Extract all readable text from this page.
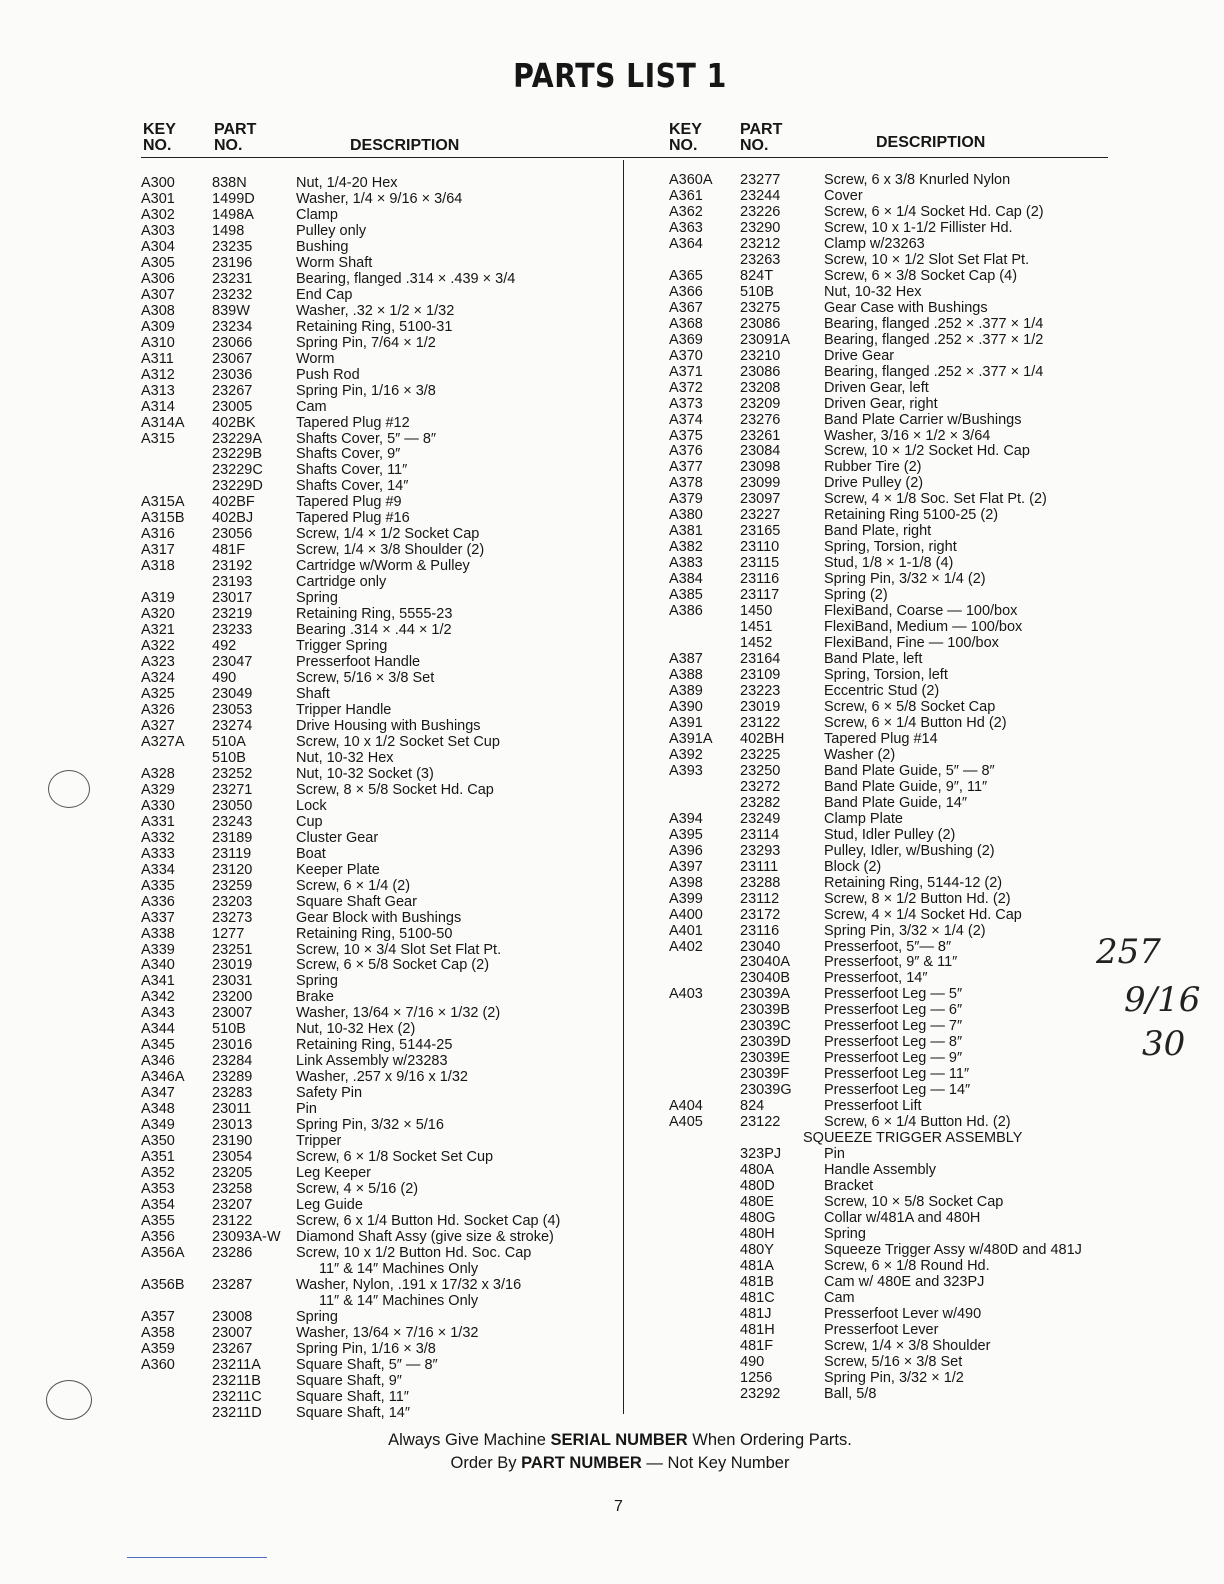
PARTS LIST 1
KEY
NO.
PART
NO.	DESCRIPTION
A300	838N	Nut, 1/4-20 Hex
A301	1499D	Washer, 1/4 × 9/16 × 3/64
A302	1498A	Clamp
A303	1498	Pulley only
A304	23235	Bushing
A305	23196	Worm Shaft
A306	23231	Bearing, flanged .314 × .439 × 3/4
A307	23232	End Cap
A308	839W	Washer, .32 × 1/2 × 1/32
A309	23234	Retaining Ring, 5100-31
A310	23066	Spring Pin, 7/64 × 1/2
A311	23067	Worm
A312	23036	Push Rod
A313	23267	Spring Pin, 1/16 × 3/8
A314	23005	Cam
A314A 402BK	Tapered Plug #12
A315	23229A Shafts Cover, 5″ — 8″
23229B Shafts Cover, 9″
23229C Shafts Cover, 11″
23229D Shafts Cover, 14″
A315A 402BF	Tapered Plug #9
A315B 402BJ	Tapered Plug #16
A316	23056	Screw, 1/4 × 1/2 Socket Cap
A317	481F	Screw, 1/4 × 3/8 Shoulder (2)
A318	23192	Cartridge w/Worm & Pulley
23193	Cartridge only
A319	23017	Spring
A320	23219	Retaining Ring, 5555-23
A321	23233	Bearing .314 × .44 × 1/2
A322	492	Trigger Spring
A323	23047	Presserfoot Handle
A324	490	Screw, 5/16 × 3/8 Set
A325	23049	Shaft
A326	23053	Tripper Handle
A327	23274	Drive Housing with Bushings
A327A 510A	Screw, 10 x 1/2 Socket Set Cup
510B	Nut, 10-32 Hex
A328	23252	Nut, 10-32 Socket (3)
A329	23271	Screw, 8 × 5/8 Socket Hd. Cap
A330	23050	Lock
A331	23243	Cup
A332	23189	Cluster Gear
A333	23119	Boat
A334	23120	Keeper Plate
A335	23259	Screw, 6 × 1/4 (2)
A336	23203	Square Shaft Gear
A337	23273	Gear Block with Bushings
A338	1277	Retaining Ring, 5100-50
A339	23251	Screw, 10 × 3/4 Slot Set Flat Pt.
A340	23019	Screw, 6 × 5/8 Socket Cap (2)
A341	23031	Spring
A342	23200	Brake
A343	23007	Washer, 13/64 × 7/16 × 1/32 (2)
A344	510B	Nut, 10-32 Hex (2)
A345	23016	Retaining Ring, 5144-25
A346	23284	Link Assembly w/23283
A346A 23289	Washer, .257 x 9/16 x 1/32
A347	23283	Safety Pin
A348	23011	Pin
A349	23013	Spring Pin, 3/32 × 5/16
A350	23190	Tripper
A351	23054	Screw, 6 × 1/8 Socket Set Cup
A352	23205	Leg Keeper
A353	23258	Screw, 4 × 5/16 (2)
A354	23207	Leg Guide
A355	23122	Screw, 6 x 1/4 Button Hd. Socket Cap (4)
A356	23093A-W Diamond Shaft Assy (give size & stroke)
A356A 23286	Screw, 10 x 1/2 Button Hd. Soc. Cap
11″ & 14″ Machines Only
A356B 23287	Washer, Nylon, .191 x 17/32 x 3/16
11″ & 14″ Machines Only
A357	23008	Spring
A358	23007	Washer, 13/64 × 7/16 × 1/32
A359	23267	Spring Pin, 1/16 × 3/8
A360	23211A Square Shaft, 5″ — 8″
23211B Square Shaft, 9″
23211C Square Shaft, 11″
23211D Square Shaft, 14″
KEY
NO.
PART
NO.	DESCRIPTION
A360A 23277	Screw, 6 x 3/8 Knurled Nylon
A361	23244	Cover
A362	23226	Screw, 6 × 1/4 Socket Hd. Cap (2)
A363	23290	Screw, 10 x 1-1/2 Fillister Hd.
A364	23212	Clamp w/23263
23263	Screw, 10 × 1/2 Slot Set Flat Pt.
A365	824T	Screw, 6 × 3/8 Socket Cap (4)
A366	510B	Nut, 10-32 Hex
A367	23275	Gear Case with Bushings
A368	23086	Bearing, flanged .252 × .377 × 1/4
A369	23091A Bearing, flanged .252 × .377 × 1/2
A370	23210	Drive Gear
A371	23086	Bearing, flanged .252 × .377 × 1/4
A372	23208	Driven Gear, left
A373	23209	Driven Gear, right
A374	23276	Band Plate Carrier w/Bushings
A375	23261	Washer, 3/16 × 1/2 × 3/64
A376	23084	Screw, 10 × 1/2 Socket Hd. Cap
A377	23098	Rubber Tire (2)
A378	23099	Drive Pulley (2)
A379	23097	Screw, 4 × 1/8 Soc. Set Flat Pt. (2)
A380	23227	Retaining Ring 5100-25 (2)
A381	23165	Band Plate, right
A382	23110	Spring, Torsion, right
A383	23115	Stud, 1/8 × 1-1/8 (4)
A384	23116	Spring Pin, 3/32 × 1/4 (2)
A385	23117	Spring (2)
A386	1450	FlexiBand, Coarse — 100/box
1451	FlexiBand, Medium — 100/box
1452	FlexiBand, Fine — 100/box
A387	23164	Band Plate, left
A388	23109	Spring, Torsion, left
A389	23223	Eccentric Stud (2)
A390	23019	Screw, 6 × 5/8 Socket Cap
A391	23122	Screw, 6 × 1/4 Button Hd (2)
A391A 402BH	Tapered Plug #14
A392	23225	Washer (2)
A393	23250	Band Plate Guide, 5″ — 8″
23272	Band Plate Guide, 9″, 11″
23282	Band Plate Guide, 14″
A394	23249	Clamp Plate
A395	23114	Stud, Idler Pulley (2)
A396	23293	Pulley, Idler, w/Bushing (2)
A397	23111	Block (2)
A398	23288	Retaining Ring, 5144-12 (2)
A399	23112	Screw, 8 × 1/2 Button Hd. (2)
A400	23172	Screw, 4 × 1/4 Socket Hd. Cap
A401	23116	Spring Pin, 3/32 × 1/4 (2)
A402	23040	Presserfoot, 5″— 8″
23040A Presserfoot, 9″ & 11″
23040B Presserfoot, 14″
A403	23039A Presserfoot Leg — 5″
23039B Presserfoot Leg — 6″
23039C Presserfoot Leg — 7″
23039D Presserfoot Leg — 8″
23039E Presserfoot Leg — 9″
23039F Presserfoot Leg — 11″
23039G Presserfoot Leg — 14″
A404	824	Presserfoot Lift
A405	23122	Screw, 6 × 1/4 Button Hd. (2)
SQUEEZE TRIGGER ASSEMBLY
323PJ	Pin
480A	Handle Assembly
480D	Bracket
480E	Screw, 10 × 5/8 Socket Cap
480G	Collar w/481A and 480H
480H	Spring
480Y	Squeeze Trigger Assy w/480D and 481J
481A	Screw, 6 × 1/8 Round Hd.
481B	Cam w/ 480E and 323PJ
481C	Cam
481J	Presserfoot Lever w/490
481H	Presserfoot Lever
481F	Screw, 1/4 × 3/8 Shoulder
490	Screw, 5/16 × 3/8 Set
1256	Spring Pin, 3/32 × 1/2
23292	Ball, 5/8
Always Give Machine SERIAL NUMBER When Ordering Parts.
Order By PART NUMBER — Not Key Number
7
257
9/16
30
